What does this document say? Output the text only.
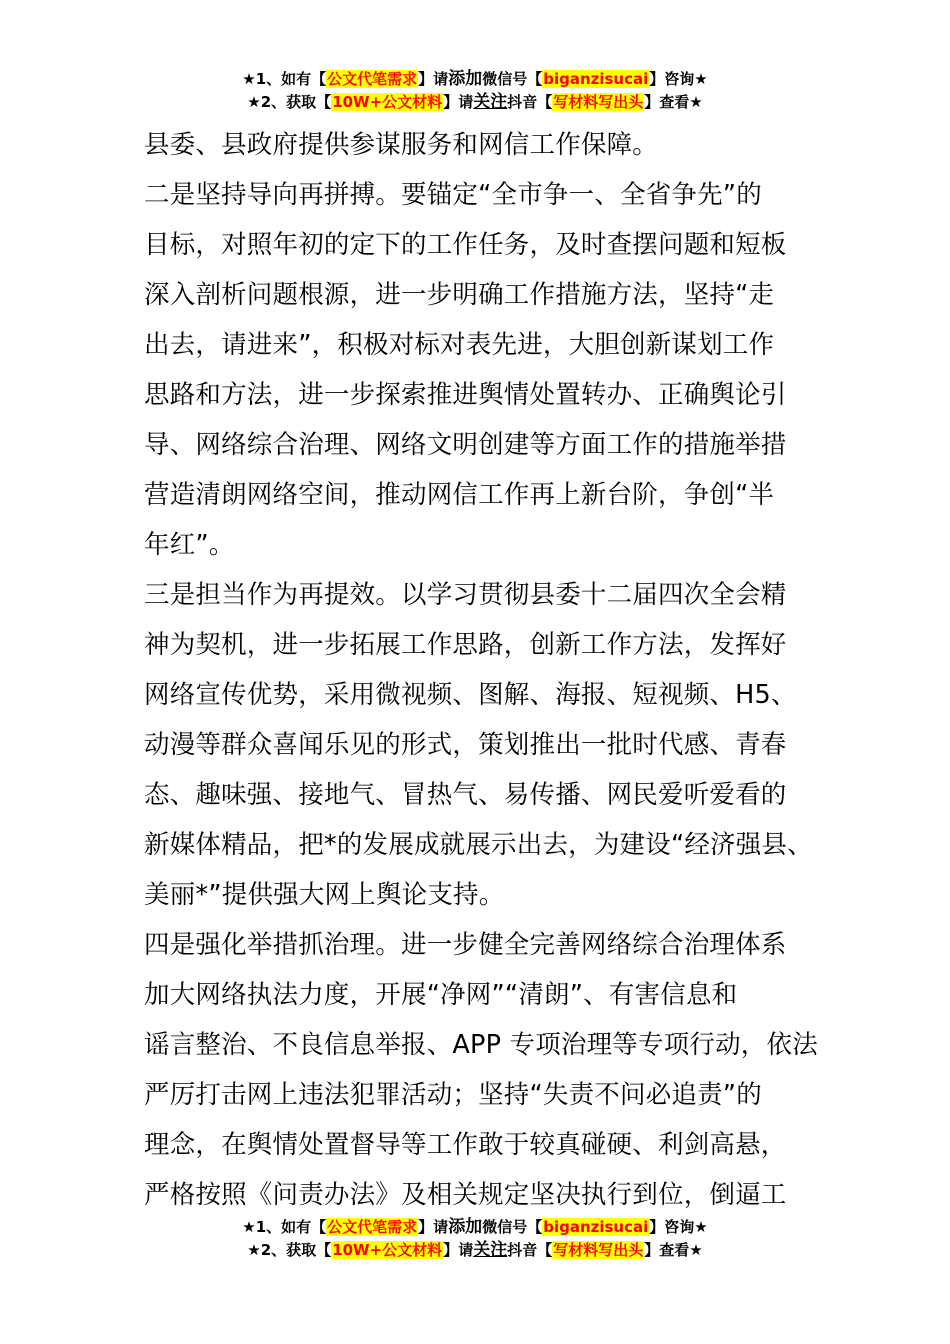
★1、如有【公文代笔需求】请添加微信号【biganzisucai】咨询★
★2、获取【10W+公文材料】请关注抖音【写材料写出头】查看★
县委、县政府提供参谋服务和网信工作保障。
二是坚持导向再拼搏。要锚定“全市争一、全省争先”的
目标，对照年初的定下的工作任务，及时查摆问题和短板
深入剖析问题根源，进一步明确工作措施方法，坚持“走
出去，请进来”，积极对标对表先进，大胆创新谋划工作
思路和方法，进一步探索推进舆情处置转办、正确舆论引
导、网络综合治理、网络文明创建等方面工作的措施举措
营造清朗网络空间，推动网信工作再上新台阶，争创“半
年红”。
三是担当作为再提效。以学习贯彻县委十二届四次全会精
神为契机，进一步拓展工作思路，创新工作方法，发挥好
网络宣传优势，采用微视频、图解、海报、短视频、H5、
动漫等群众喜闻乐见的形式，策划推出一批时代感、青春
态、趣味强、接地气、冒热气、易传播、网民爱听爱看的
新媒体精品，把*的发展成就展示出去，为建设“经济强县、
美丽*”提供强大网上舆论支持。
四是强化举措抓治理。进一步健全完善网络综合治理体系
加大网络执法力度，开展“净网”“清朗”、有害信息和
谣言整治、不良信息举报、APP 专项治理等专项行动，依法
严厉打击网上违法犯罪活动；坚持“失责不问必追责”的
理念，在舆情处置督导等工作敢于较真碰硬、利剑高悬，
严格按照《问责办法》及相关规定坚决执行到位，倒逼工
★1、如有【公文代笔需求】请添加微信号【biganzisucai】咨询★
★2、获取【10W+公文材料】请关注抖音【写材料写出头】查看★
